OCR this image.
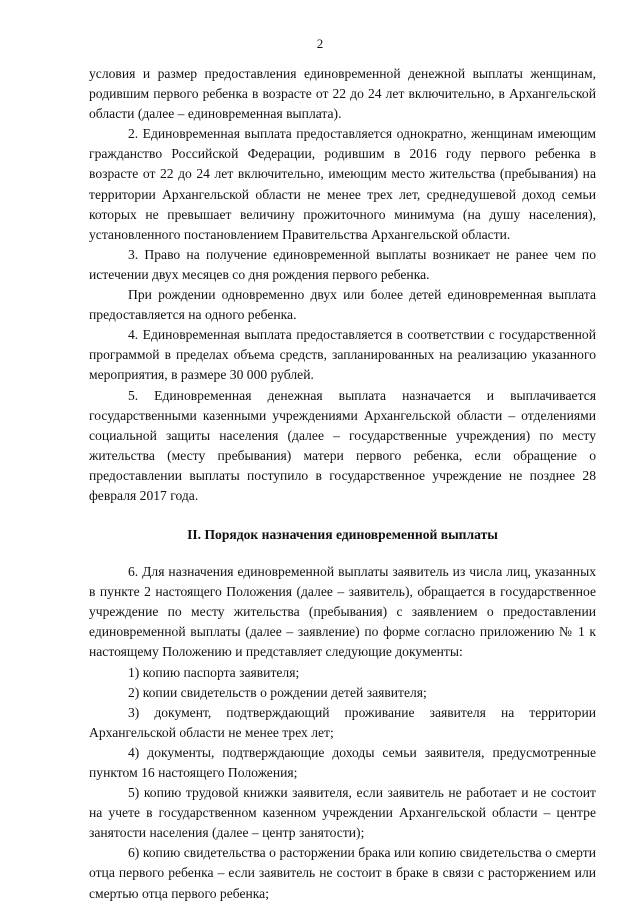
2

условия и размер предоставления единовременной денежной выплаты женщинам, родившим первого ребенка в возрасте от 22 до 24 лет включительно, в Архангельской области (далее – единовременная выплата).

2. Единовременная выплата предоставляется однократно, женщинам имеющим гражданство Российской Федерации, родившим в 2016 году первого ребенка в возрасте от 22 до 24 лет включительно, имеющим место жительства (пребывания) на территории Архангельской области не менее трех лет, среднедушевой доход семьи которых не превышает величину прожиточного минимума (на душу населения), установленного постановлением Правительства Архангельской области.

3. Право на получение единовременной выплаты возникает не ранее чем по истечении двух месяцев со дня рождения первого ребенка.

При рождении одновременно двух или более детей единовременная выплата предоставляется на одного ребенка.

4. Единовременная выплата предоставляется в соответствии с государственной программой в пределах объема средств, запланированных на реализацию указанного мероприятия, в размере 30 000 рублей.

5. Единовременная денежная выплата назначается и выплачивается государственными казенными учреждениями Архангельской области – отделениями социальной защиты населения (далее – государственные учреждения) по месту жительства (месту пребывания) матери первого ребенка, если обращение о предоставлении выплаты поступило в государственное учреждение не позднее 28 февраля 2017 года.

II. Порядок назначения единовременной выплаты

6. Для назначения единовременной выплаты заявитель из числа лиц, указанных в пункте 2 настоящего Положения (далее – заявитель), обращается в государственное учреждение по месту жительства (пребывания) с заявлением о предоставлении единовременной выплаты (далее – заявление) по форме согласно приложению № 1 к настоящему Положению и представляет следующие документы:

1) копию паспорта заявителя;

2) копии свидетельств о рождении детей заявителя;

3) документ, подтверждающий проживание заявителя на территории Архангельской области не менее трех лет;

4) документы, подтверждающие доходы семьи заявителя, предусмотренные пунктом 16 настоящего Положения;

5) копию трудовой книжки заявителя, если заявитель не работает и не состоит на учете в государственном казенном учреждении Архангельской области – центре занятости населения (далее – центр занятости);

6) копию свидетельства о расторжении брака или копию свидетельства о смерти отца первого ребенка – если заявитель не состоит в браке в связи с расторжением или смертью отца первого ребенка;
